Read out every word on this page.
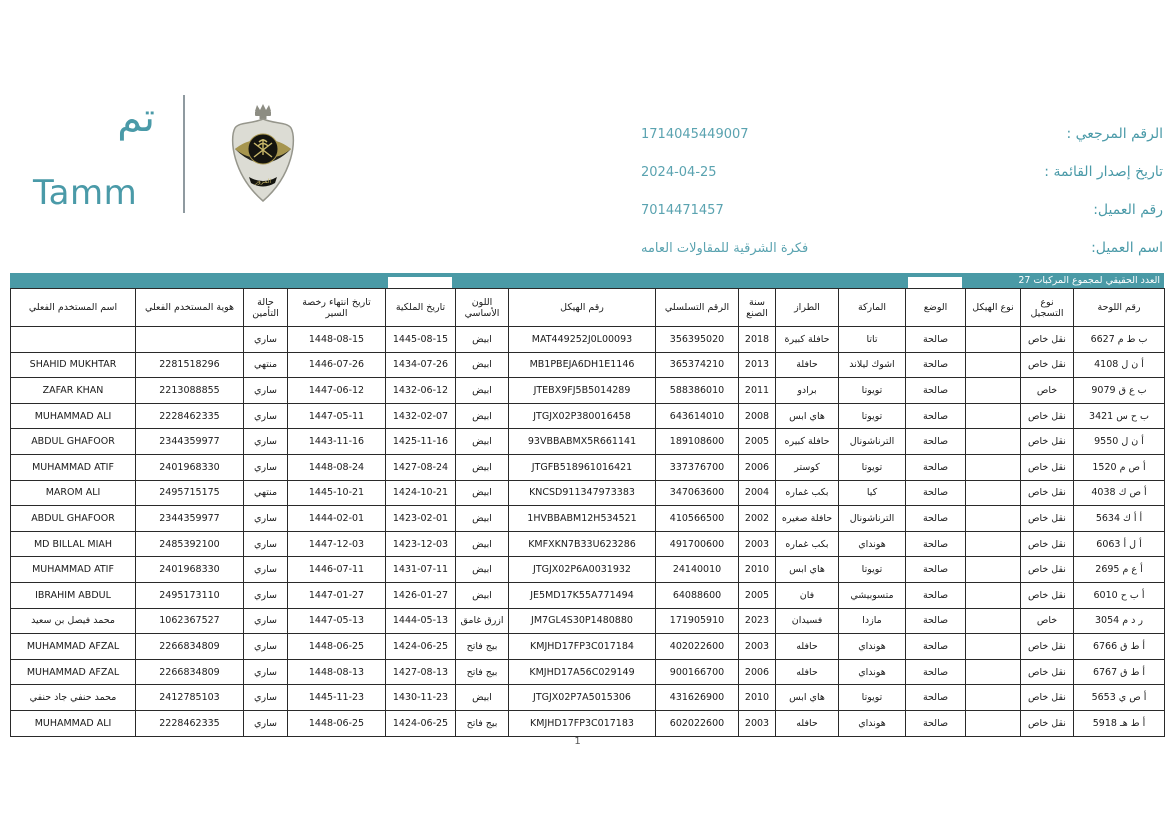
تم
Tamm	المرور
الرقم المرجعي :
1714045449007
تاريخ إصدار القائمة :
2024-04-25
رقم العميل:
7014471457
اسم العميل:
فكرة الشرقية للمقاولات العامه
العدد الحقيقي لمجموع المركبات 27
رقم اللوحة	نوع التسجيل	نوع الهيكل	الوضع	الماركة	الطراز	سنة الصنع	الرقم التسلسلي	رقم الهيكل	اللون الأساسي	تاريخ الملكية	تاريخ انتهاء رخصة السير	حالة التأمين	هوية المستخدم الفعلي	اسم المستخدم الفعلي
ب ط م 6627	نقل خاص		صالحة	تاتا	حافلة كبيرة	2018	356395020	MAT449252J0L00093	ابيض	1445-08-15	1448-08-15	ساري		
أ ن ل 4108	نقل خاص		صالحة	اشوك ليلاند	حافلة	2013	365374210	MB1PBEJA6DH1E1146	ابيض	1434-07-26	1446-07-26	منتهي	2281518296	SHAHID MUKHTAR
ب ع ق 9079	خاص		صالحة	تويوتا	برادو	2011	588386010	JTEBX9FJ5B5014289	ابيض	1432-06-12	1447-06-12	ساري	2213088855	ZAFAR KHAN
ب ح س 3421	نقل خاص		صالحة	تويوتا	هاي ابس	2008	643614010	JTGJX02P380016458	ابيض	1432-02-07	1447-05-11	ساري	2228462335	MUHAMMAD ALI
أ ن ل 9550	نقل خاص		صالحة	الترناشونال	حافلة كبيره	2005	189108600	93VBBABMX5R661141	ابيض	1425-11-16	1443-11-16	ساري	2344359977	ABDUL GHAFOOR
أ ص م 1520	نقل خاص		صالحة	تويوتا	كوستر	2006	337376700	JTGFB518961016421	ابيض	1427-08-24	1448-08-24	ساري	2401968330	MUHAMMAD ATIF
أ ص ك 4038	نقل خاص		صالحة	كيا	بكب غماره	2004	347063600	KNCSD911347973383	ابيض	1424-10-21	1445-10-21	منتهي	2495715175	MAROM ALI
أ أ ك 5634	نقل خاص		صالحة	الترناشونال	حافلة صغيره	2002	410566500	1HVBBABM12H534521	ابيض	1423-02-01	1444-02-01	ساري	2344359977	ABDUL GHAFOOR
أ ل أ 6063	نقل خاص		صالحة	هونداي	بكب غماره	2003	491700600	KMFXKN7B33U623286	ابيض	1423-12-03	1447-12-03	ساري	2485392100	MD BILLAL MIAH
أ ع م 2695	نقل خاص		صالحة	تويوتا	هاي ابس	2010	24140010	JTGJX02P6A0031932	ابيض	1431-07-11	1446-07-11	ساري	2401968330	MUHAMMAD ATIF
أ ب ح 6010	نقل خاص		صالحة	متسوبيشي	فان	2005	64088600	JE5MD17K55A771494	ابيض	1426-01-27	1447-01-27	ساري	2495173110	IBRAHIM ABDUL
ر د م 3054	خاص		صالحة	مازدا	فسيدان	2023	171905910	JM7GL4S30P1480880	ازرق غامق	1444-05-13	1447-05-13	ساري	1062367527	محمد فيصل بن سعيد
أ ط ق 6766	نقل خاص		صالحة	هونداي	حافله	2003	402022600	KMJHD17FP3C017184	بيج فاتح	1424-06-25	1448-06-25	ساري	2266834809	MUHAMMAD AFZAL
أ ط ق 6767	نقل خاص		صالحة	هونداي	حافله	2006	900166700	KMJHD17A56C029149	بيج فاتح	1427-08-13	1448-08-13	ساري	2266834809	MUHAMMAD AFZAL
أ ص ي 5653	نقل خاص		صالحة	تويوتا	هاي ابس	2010	431626900	JTGJX02P7A5015306	ابيض	1430-11-23	1445-11-23	ساري	2412785103	محمد حنفي جاد حنفي
أ ط هـ 5918	نقل خاص		صالحة	هونداي	حافله	2003	602022600	KMJHD17FP3C017183	بيج فاتح	1424-06-25	1448-06-25	ساري	2228462335	MUHAMMAD ALI
1
